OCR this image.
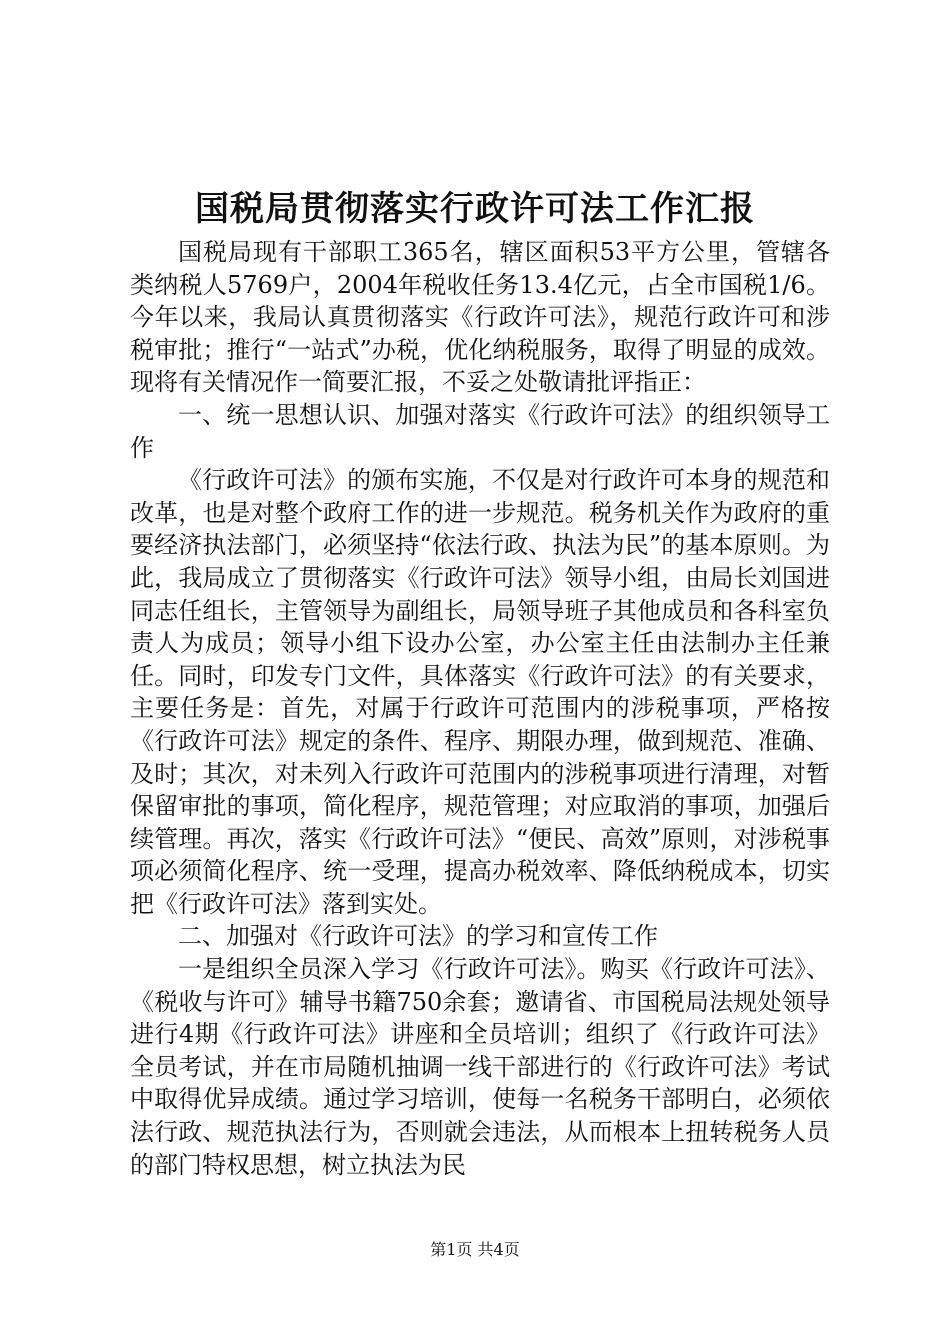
国税局贯彻落实行政许可法工作汇报

国税局现有干部职工365名，辖区面积53平方公里，管辖各类纳税人5769户，2004年税收任务13.4亿元，占全市国税1/6。今年以来，我局认真贯彻落实《行政许可法》，规范行政许可和涉税审批；推行“一站式”办税，优化纳税服务，取得了明显的成效。现将有关情况作一简要汇报，不妥之处敬请批评指正：

一、统一思想认识、加强对落实《行政许可法》的组织领导工作

《行政许可法》的颁布实施，不仅是对行政许可本身的规范和改革，也是对整个政府工作的进一步规范。税务机关作为政府的重要经济执法部门，必须坚持“依法行政、执法为民”的基本原则。为此，我局成立了贯彻落实《行政许可法》领导小组，由局长刘国进同志任组长，主管领导为副组长，局领导班子其他成员和各科室负责人为成员；领导小组下设办公室，办公室主任由法制办主任兼任。同时，印发专门文件，具体落实《行政许可法》的有关要求，主要任务是：首先，对属于行政许可范围内的涉税事项，严格按《行政许可法》规定的条件、程序、期限办理，做到规范、准确、及时；其次，对未列入行政许可范围内的涉税事项进行清理，对暂保留审批的事项，简化程序，规范管理；对应取消的事项，加强后续管理。再次，落实《行政许可法》“便民、高效”原则，对涉税事项必须简化程序、统一受理，提高办税效率、降低纳税成本，切实把《行政许可法》落到实处。

二、加强对《行政许可法》的学习和宣传工作

一是组织全员深入学习《行政许可法》。购买《行政许可法》、《税收与许可》辅导书籍750余套；邀请省、市国税局法规处领导进行4期《行政许可法》讲座和全员培训；组织了《行政许可法》全员考试，并在市局随机抽调一线干部进行的《行政许可法》考试中取得优异成绩。通过学习培训，使每一名税务干部明白，必须依法行政、规范执法行为，否则就会违法，从而根本上扭转税务人员的部门特权思想，树立执法为民

第1页 共4页
